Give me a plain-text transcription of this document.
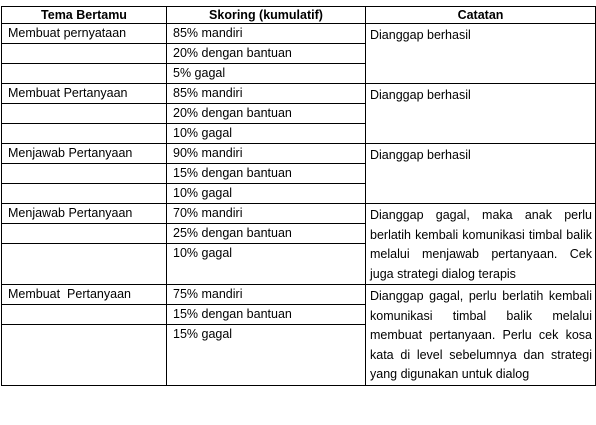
Tema Bertamu	Skoring (kumulatif)	Catatan
Membuat pernyataan	85% mandiri	Dianggap berhasil
	20% dengan bantuan	
	5% gagal	
Membuat Pertanyaan	85% mandiri	Dianggap berhasil
	20% dengan bantuan	
	10% gagal	
Menjawab Pertanyaan	90% mandiri	Dianggap berhasil
	15% dengan bantuan	
	10% gagal	
Menjawab Pertanyaan	70% mandiri	Dianggap gagal, maka anak perlu berlatih kembali komunikasi timbal balik melalui menjawab pertanyaan. Cek juga strategi dialog terapis
	25% dengan bantuan	
	10% gagal	

Membuat  Pertanyaan	75% mandiri	Dianggap gagal, perlu berlatih kembali komunikasi timbal balik melalui membuat pertanyaan. Perlu cek kosa kata di level sebelumnya dan strategi yang digunakan untuk dialog
	15% dengan bantuan	
	15% gagal	
